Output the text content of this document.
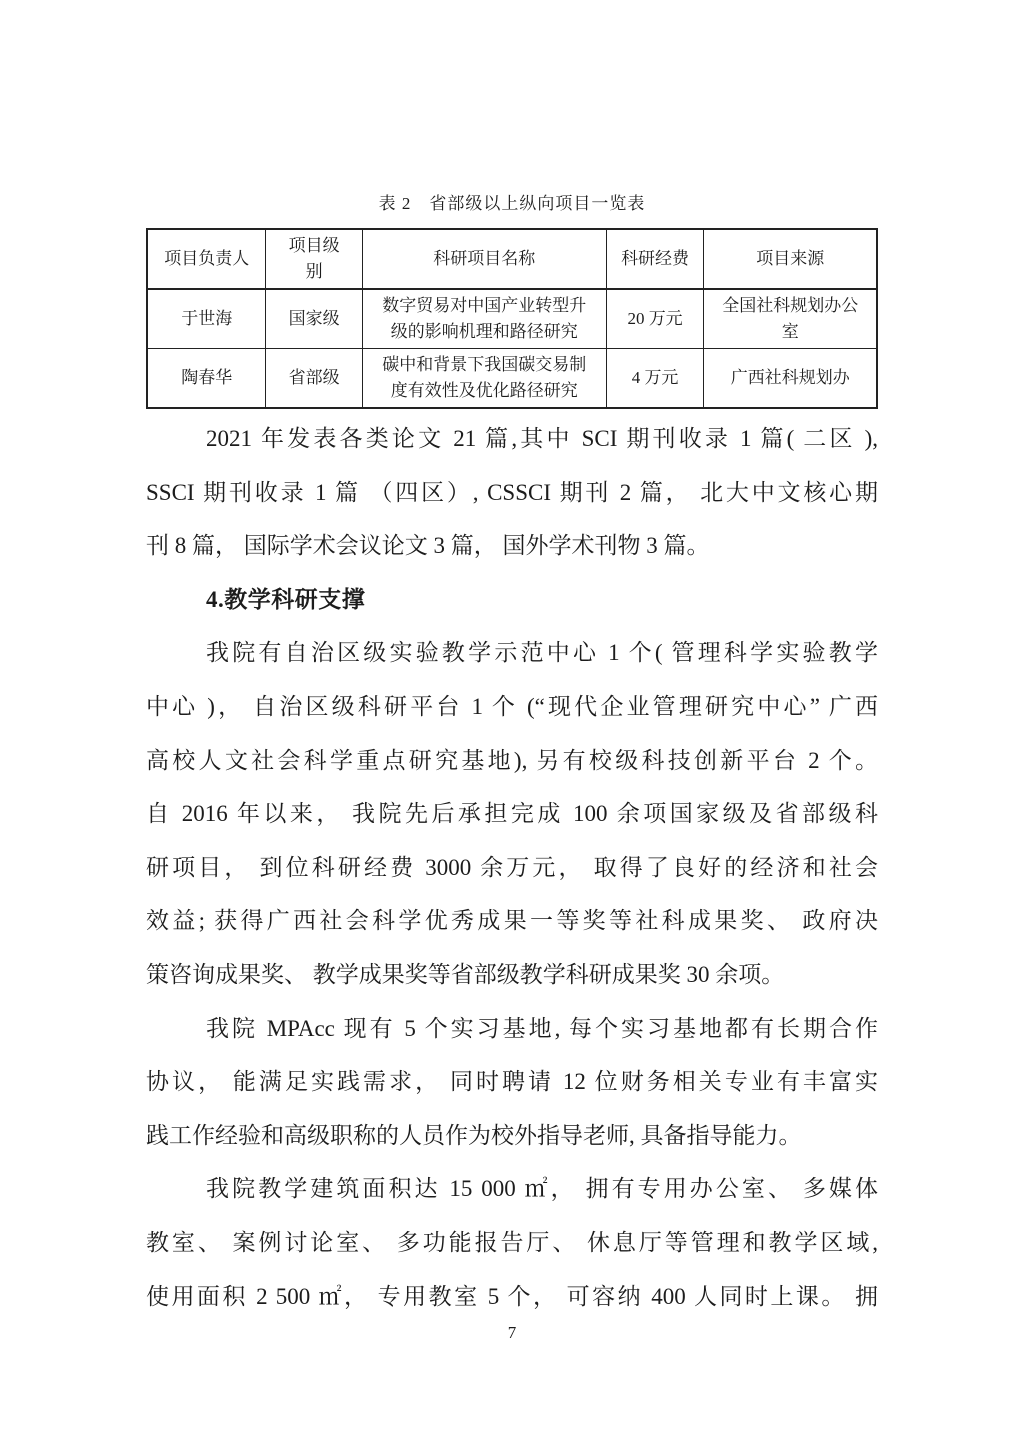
表 2　省部级以上纵向项目一览表
项目负责人	项目级别	科研项目名称	科研经费	项目来源
于世海	国家级	数字贸易对中国产业转型升级的影响机理和路径研究	20 万元	全国社科规划办公室
陶春华	省部级	碳中和背景下我国碳交易制度有效性及优化路径研究	4 万元	广西社科规划办
2021 年发表各类论文 21 篇,其中 SCI 期刊收录 1 篇( 二区 ),
SSCI 期刊收录 1 篇 （四区）, CSSCI 期刊 2 篇， 北大中文核心期
刊 8 篇， 国际学术会议论文 3 篇， 国外学术刊物 3 篇。
4.教学科研支撑
我院有自治区级实验教学示范中心 1 个( 管理科学实验教学
中心 )， 自治区级科研平台 1 个 (“现代企业管理研究中心” 广西
高校人文社会科学重点研究基地), 另有校级科技创新平台 2 个。
自 2016 年以来， 我院先后承担完成 100 余项国家级及省部级科
研项目， 到位科研经费 3000 余万元， 取得了良好的经济和社会
效益; 获得广西社会科学优秀成果一等奖等社科成果奖、 政府决
策咨询成果奖、 教学成果奖等省部级教学科研成果奖 30 余项。
我院 MPAcc 现有 5 个实习基地, 每个实习基地都有长期合作
协议， 能满足实践需求， 同时聘请 12 位财务相关专业有丰富实
践工作经验和高级职称的人员作为校外指导老师, 具备指导能力。
我院教学建筑面积达 15 000 ㎡， 拥有专用办公室、 多媒体
教室、 案例讨论室、 多功能报告厅、 休息厅等管理和教学区域,
使用面积 2 500 ㎡， 专用教室 5 个， 可容纳 400 人同时上课。 拥
7
